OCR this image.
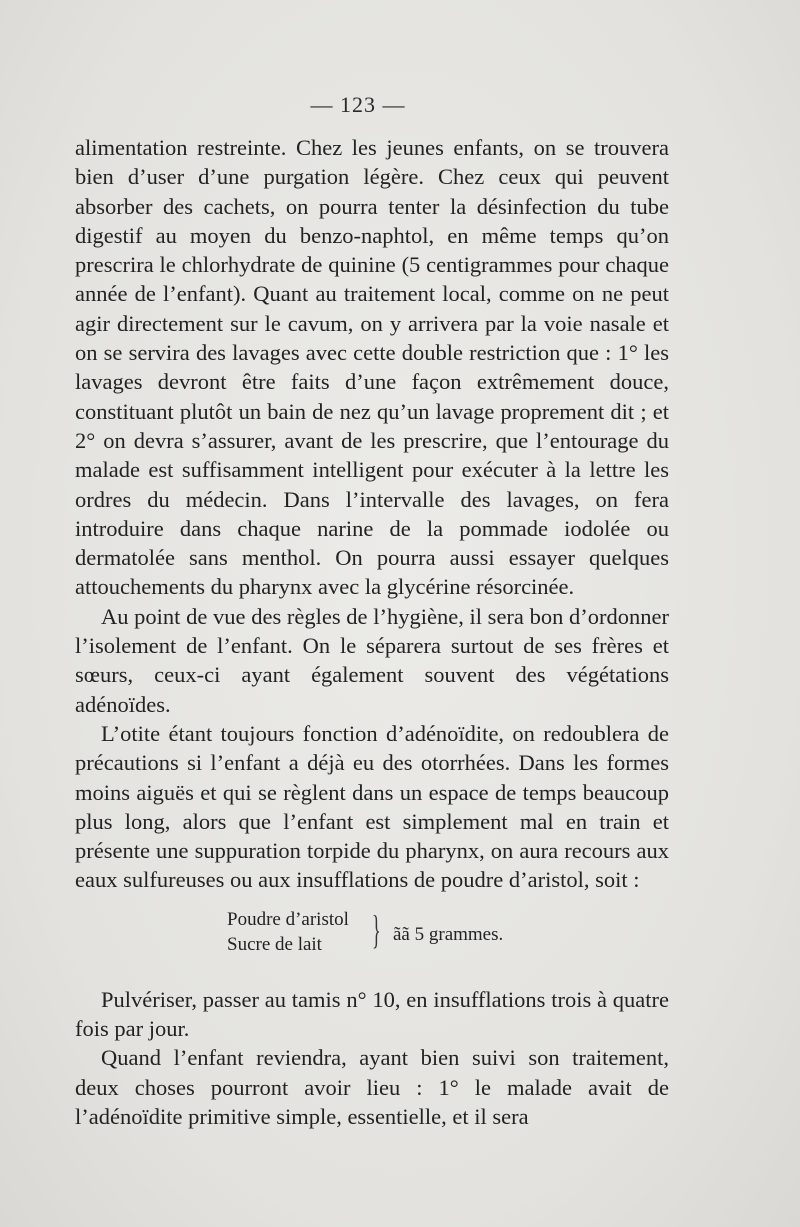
— 123 —

alimentation restreinte. Chez les jeunes enfants, on se trouvera bien d’user d’une purgation légère. Chez ceux qui peuvent absorber des cachets, on pourra tenter la désinfection du tube digestif au moyen du benzo-naphtol, en même temps qu’on prescrira le chlorhydrate de quinine (5 centigrammes pour chaque année de l’enfant). Quant au traitement local, comme on ne peut agir directement sur le cavum, on y arrivera par la voie nasale et on se servira des lavages avec cette double restriction que : 1° les lavages devront être faits d’une façon extrêmement douce, constituant plutôt un bain de nez qu’un lavage proprement dit ; et 2° on devra s’assurer, avant de les prescrire, que l’entourage du malade est suffisamment intelligent pour exécuter à la lettre les ordres du médecin. Dans l’intervalle des lavages, on fera introduire dans chaque narine de la pommade iodolée ou dermatolée sans menthol. On pourra aussi essayer quelques attouchements du pharynx avec la glycérine résorcinée.

Au point de vue des règles de l’hygiène, il sera bon d’ordonner l’isolement de l’enfant. On le séparera surtout de ses frères et sœurs, ceux-ci ayant également souvent des végétations adénoïdes.

L’otite étant toujours fonction d’adénoïdite, on redoublera de précautions si l’enfant a déjà eu des otorrhées. Dans les formes moins aiguës et qui se règlent dans un espace de temps beaucoup plus long, alors que l’enfant est simplement mal en train et présente une suppuration torpide du pharynx, on aura recours aux eaux sulfureuses ou aux insufflations de poudre d’aristol, soit :

Poudre d’aristol
Sucre de lait	} ãã 5 grammes.

Pulvériser, passer au tamis n° 10, en insufflations trois à quatre fois par jour.

Quand l’enfant reviendra, ayant bien suivi son traitement, deux choses pourront avoir lieu : 1° le malade avait de l’adénoïdite primitive simple, essentielle, et il sera
